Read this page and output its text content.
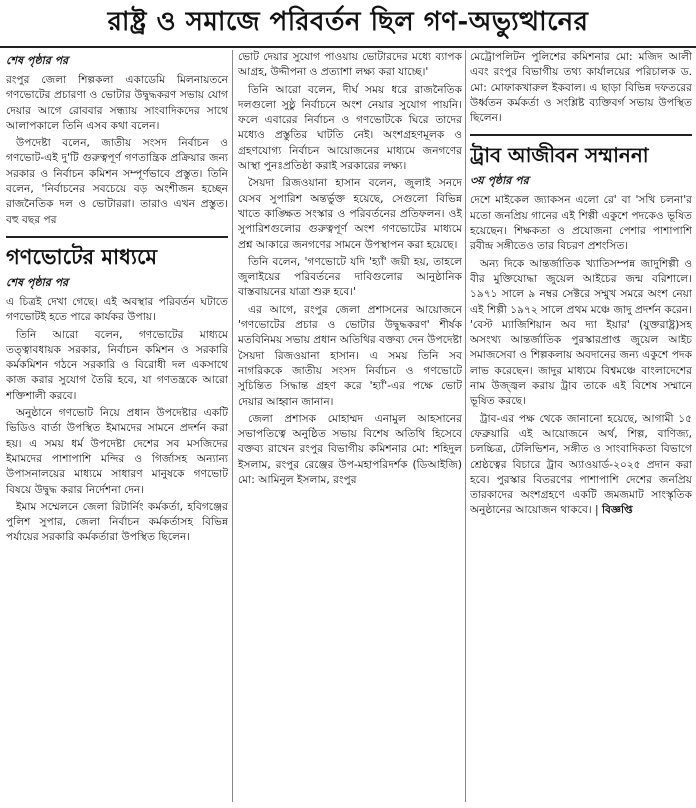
রাষ্ট্র ও সমাজে পরিবর্তন ছিল গণ-অভ্যুত্থানের
শেষ পৃষ্ঠার পর

রংপুর জেলা শিল্পকলা একাডেমি মিলনায়তনে গণভোটের প্রচারণা ও ভোটার উদ্বুদ্ধকরণ সভায় যোগ দেয়ার আগে রোববার সন্ধ্যায় সাংবাদিকদের সাথে আলাপকালে তিনি এসব কথা বলেন।

উপদেষ্টা বলেন, জাতীয় সংসদ নির্বাচন ও গণভোট-এই দু'টি গুরুত্বপূর্ণ গণতান্ত্রিক প্রক্রিয়ার জন্য সরকার ও নির্বাচন কমিশন সম্পূর্ণভাবে প্রস্তুত। তিনি বলেন, 'নির্বাচনের সবচেয়ে বড় অংশীজন হচ্ছেন রাজনৈতিক দল ও ভোটাররা। তারাও এখন প্রস্তুত। বহু বছর পর

গণভোটের মাধ্যমে
শেষ পৃষ্ঠার পর

এ চিত্রই দেখা গেছে। এই অবস্থার পরিবর্তন ঘটাতে গণভোটই হতে পারে কার্যকর উপায়।

তিনি আরো বলেন, গণভোটের মাধ্যমে তত্ত্বাবধায়ক সরকার, নির্বাচন কমিশন ও সরকারি কর্মকমিশন গঠনে সরকারি ও বিরোধী দল একসাথে কাজ করার সুযোগ তৈরি হবে, যা গণতন্ত্রকে আরো শক্তিশালী করবে।

অনুষ্ঠানে গণভোট নিয়ে প্রধান উপদেষ্টার একটি ভিডিও বার্তা উপস্থিত ইমামদের সামনে প্রদর্শন করা হয়। এ সময় ধর্ম উপদেষ্টা দেশের সব মসজিদের ইমামদের পাশাপাশি মন্দির ও গির্জাসহ অন্যান্য উপাসনালয়ের মাধ্যমে সাধারণ মানুষকে গণভোট বিষয়ে উদ্বুদ্ধ করার নির্দেশনা দেন।

ইমাম সম্মেলনে জেলা রিটার্নিং কর্মকর্তা, হবিগঞ্জের পুলিশ সুপার, জেলা নির্বাচন কর্মকর্তাসহ বিভিন্ন পর্যায়ের সরকারি কর্মকর্তারা উপস্থিত ছিলেন।

ভোট দেয়ার সুযোগ পাওয়ায় ভোটারদের মধ্যে ব্যাপক আগ্রহ, উদ্দীপনা ও প্রত্যাশা লক্ষ্য করা যাচ্ছে।'

তিনি আরো বলেন, দীর্ঘ সময় ধরে রাজনৈতিক দলগুলো সুষ্ঠু নির্বাচনে অংশ নেয়ার সুযোগ পায়নি। ফলে এবারের নির্বাচন ও গণভোটকে ঘিরে তাদের মধ্যেও প্রস্তুতির ঘাটতি নেই। অংশগ্রহণমূলক ও গ্রহণযোগ্য নির্বাচন আয়োজনের মাধ্যমে জনগণের আস্থা পুনঃপ্রতিষ্ঠা করাই সরকারের লক্ষ্য।

সৈয়দা রিজওয়ানা হাসান বলেন, জুলাই সনদে যেসব সুপারিশ অন্তর্ভুক্ত হয়েছে, সেগুলো বিভিন্ন খাতে কাঙ্ক্ষিত সংস্কার ও পরিবর্তনের প্রতিফলন। ওই সুপারিশগুলোর গুরুত্বপূর্ণ অংশ গণভোটের মাধ্যমে প্রশ্ন আকারে জনগণের সামনে উপস্থাপন করা হয়েছে।

তিনি বলেন, 'গণভোটে যদি 'হ্যাঁ' জয়ী হয়, তাহলে জুলাইয়ের পরিবর্তনের দাবিগুলোর আনুষ্ঠানিক বাস্তবায়নের যাত্রা শুরু হবে।'

এর আগে, রংপুর জেলা প্রশাসনের আয়োজনে 'গণভোটের প্রচার ও ভোটার উদ্বুদ্ধকরণ' শীর্ষক মতবিনিময় সভায় প্রধান অতিথির বক্তব্য দেন উপদেষ্টা সৈয়দা রিজওয়ানা হাসান। এ সময় তিনি সব নাগরিককে জাতীয় সংসদ নির্বাচন ও গণভোটে সুচিন্তিত সিদ্ধান্ত গ্রহণ করে 'হ্যাঁ'-এর পক্ষে ভোট দেয়ার আহ্বান জানান।

জেলা প্রশাসক মোহাম্মদ এনামুল আহসানের সভাপতিত্বে অনুষ্ঠিত সভায় বিশেষ অতিথি হিসেবে বক্তব্য রাখেন রংপুর বিভাগীয় কমিশনার মো: শহিদুল ইসলাম, রংপুর রেঞ্জের উপ-মহাপরিদর্শক (ডিআইজি) মো: আমিনুল ইসলাম, রংপুর

মেট্রোপলিটন পুলিশের কমিশনার মো: মজিদ আলী এবং রংপুর বিভাগীয় তথ্য কার্যালয়ের পরিচালক ড. মো: মোফাকখারুল ইকবাল। এ ছাড়া বিভিন্ন দফতরের উর্ধ্বতন কর্মকর্তা ও সংশ্লিষ্ট ব্যক্তিবর্গ সভায় উপস্থিত ছিলেন।

ট্রাব আজীবন সম্মাননা
৩য় পৃষ্ঠার পর

দেশে মাইকেল জ্যাকসন এলো রে' বা 'সখি চলনা'র মতো জনপ্রিয় গানের এই শিল্পী একুশে পদকেও ভূষিত হয়েছেন। শিক্ষকতা ও প্রযোজনা পেশার পাশাপাশি রবীন্দ্র সঙ্গীতেও তার বিচরণ প্রশংসিত।

অন্য দিকে আন্তর্জাতিক খ্যাতিসম্পন্ন জাদুশিল্পী ও বীর মুক্তিযোদ্ধা জুয়েল আইচের জন্ম বরিশালে। ১৯৭১ সালে ৯ নম্বর সেক্টরে সম্মুখ সমরে অংশ নেয়া এই শিল্পী ১৯৭২ সালে প্রথম মঞ্চে জাদু প্রদর্শন করেন। 'বেস্ট ম্যাজিশিয়ান অব দ্যা ইয়ার' (যুক্তরাষ্ট্র)সহ অসংখ্য আন্তর্জাতিক পুরস্কারপ্রাপ্ত জুয়েল আইচ সমাজসেবা ও শিল্পকলায় অবদানের জন্য একুশে পদক লাভ করেছেন। জাদুর মাধ্যমে বিশ্বমঞ্চে বাংলাদেশের নাম উজ্জ্বল করায় ট্রাব তাকে এই বিশেষ সম্মানে ভূষিত করছে।

ট্রাব-এর পক্ষ থেকে জানানো হয়েছে, আগামী ১৫ ফেব্রুয়ারি এই আয়োজনে অর্থ, শিল্প, বাণিজ্য, চলচ্চিত্র, টেলিভিশন, সঙ্গীত ও সাংবাদিকতা বিভাগে শ্রেষ্ঠত্বের বিচারে ট্রাব অ্যাওয়ার্ড-২০২৫ প্রদান করা হবে। পুরস্কার বিতরণের পাশাপাশি দেশের জনপ্রিয় তারকাদের অংশগ্রহণে একটি জমজমাট সাংস্কৃতিক অনুষ্ঠানের আয়োজন থাকবে। | বিজ্ঞপ্তি
